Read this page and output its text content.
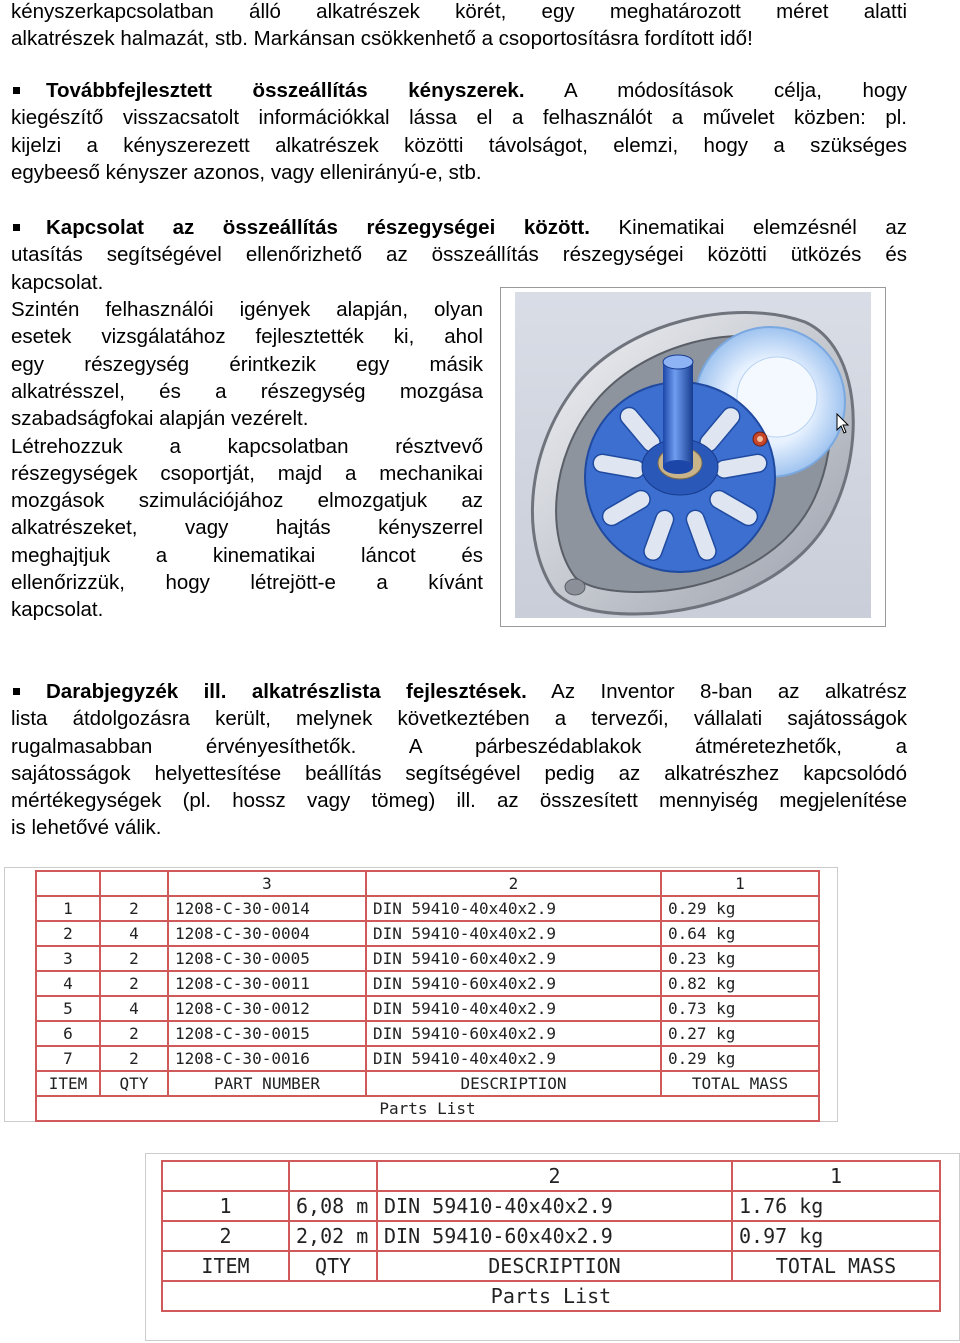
kényszerkapcsolatban álló alkatrészek körét, egy meghatározott méret alatti

alkatrészek halmazát, stb. Markánsan csökkenhető a csoportosításra fordított idő!

Továbbfejlesztett összeállítás kényszerek. A módosítások célja, hogy

kiegészítő visszacsatolt információkkal lássa el a felhasználót a művelet közben: pl.

kijelzi a kényszerezett alkatrészek közötti távolságot, elemzi, hogy a szükséges

egybeeső kényszer azonos, vagy ellenirányú-e, stb.

Kapcsolat az összeállítás részegységei között. Kinematikai elemzésnél az

utasítás segítségével ellenőrizhető az összeállítás részegységei közötti ütközés és

kapcsolat.

Szintén felhasználói igények alapján, olyan

esetek vizsgálatához fejlesztették ki, ahol

egy részegység érintkezik egy másik

alkatrésszel, és a részegység mozgása

szabadságfokai alapján vezérelt.

Létrehozzuk a kapcsolatban résztvevő

részegységek csoportját, majd a mechanikai

mozgások szimulációjához elmozgatjuk az

alkatrészeket, vagy hajtás kényszerrel

meghajtjuk a kinematikai láncot és

ellenőrizzük, hogy létrejött-e a kívánt

kapcsolat.

Darabjegyzék ill. alkatrészlista fejlesztések. Az Inventor 8-ban az alkatrész

lista átdolgozásra került, melynek következtében a tervezői, vállalati sajátosságok

rugalmasabban érvényesíthetők. A párbeszédablakok átméretezhetők, a

sajátosságok helyettesítése beállítás segítségével pedig az alkatrészhez kapcsolódó

mértékegységek (pl. hossz vagy tömeg) ill. az összesített mennyiség megjelenítése

is lehetővé válik.

		3	2	1
1	2	1208-C-30-0014	DIN 59410-40x40x2.9	0.29 kg
2	4	1208-C-30-0004	DIN 59410-40x40x2.9	0.64 kg
3	2	1208-C-30-0005	DIN 59410-60x40x2.9	0.23 kg
4	2	1208-C-30-0011	DIN 59410-60x40x2.9	0.82 kg
5	4	1208-C-30-0012	DIN 59410-40x40x2.9	0.73 kg
6	2	1208-C-30-0015	DIN 59410-60x40x2.9	0.27 kg
7	2	1208-C-30-0016	DIN 59410-40x40x2.9	0.29 kg
ITEM	QTY	PART NUMBER	DESCRIPTION	TOTAL MASS
Parts List				
		2	1
1	6,08 m	DIN 59410-40x40x2.9	1.76 kg
2	2,02 m	DIN 59410-60x40x2.9	0.97 kg
ITEM	QTY	DESCRIPTION	TOTAL MASS
Parts List			
